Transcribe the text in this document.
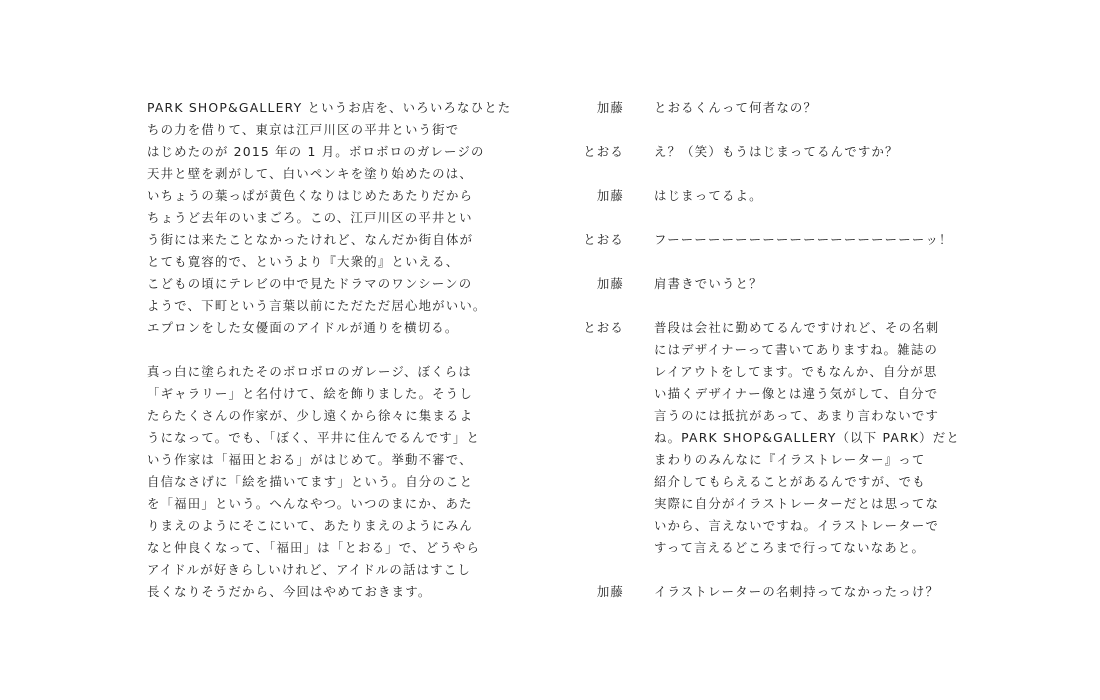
PARK SHOP&GALLERY というお店を、いろいろなひとた
ちの力を借りて、東京は江戸川区の平井という街で
はじめたのが 2015 年の 1 月。ボロボロのガレージの
天井と壁を剥がして、白いペンキを塗り始めたのは、
いちょうの葉っぱが黄色くなりはじめたあたりだから
ちょうど去年のいまごろ。この、江戸川区の平井とい
う街には来たことなかったけれど、なんだか街自体が
とても寛容的で、というより『大衆的』といえる、
こどもの頃にテレビの中で見たドラマのワンシーンの
ようで、下町という言葉以前にただただ居心地がいい。
エプロンをした女優面のアイドルが通りを横切る。
真っ白に塗られたそのボロボロのガレージ、ぼくらは
「ギャラリー」と名付けて、絵を飾りました。そうし
たらたくさんの作家が、少し遠くから徐々に集まるよ
うになって。でも、「ぼく、平井に住んでるんです」と
いう作家は「福田とおる」がはじめて。挙動不審で、
自信なさげに「絵を描いてます」という。自分のこと
を「福田」という。へんなやつ。いつのまにか、あた
りまえのようにそこにいて、あたりまえのようにみん
なと仲良くなって、「福田」は「とおる」で、どうやら
アイドルが好きらしいけれど、アイドルの話はすこし
長くなりそうだから、今回はやめておきます。
加藤 とおるくんって何者なの？
とおる え？（笑）もうはじまってるんですか？
加藤 はじまってるよ。
とおる フーーーーーーーーーーーーーーーーーーーッ！
加藤 肩書きでいうと？
とおる 普段は会社に勤めてるんですけれど、その名刺
にはデザイナーって書いてありますね。雑誌の
レイアウトをしてます。でもなんか、自分が思
い描くデザイナー像とは違う気がして、自分で
言うのには抵抗があって、あまり言わないです
ね。PARK SHOP&GALLERY（以下 PARK）だと
まわりのみんなに『イラストレーター』って
紹介してもらえることがあるんですが、でも
実際に自分がイラストレーターだとは思ってな
いから、言えないですね。イラストレーターで
すって言えるどころまで行ってないなあと。
加藤 イラストレーターの名刺持ってなかったっけ？
